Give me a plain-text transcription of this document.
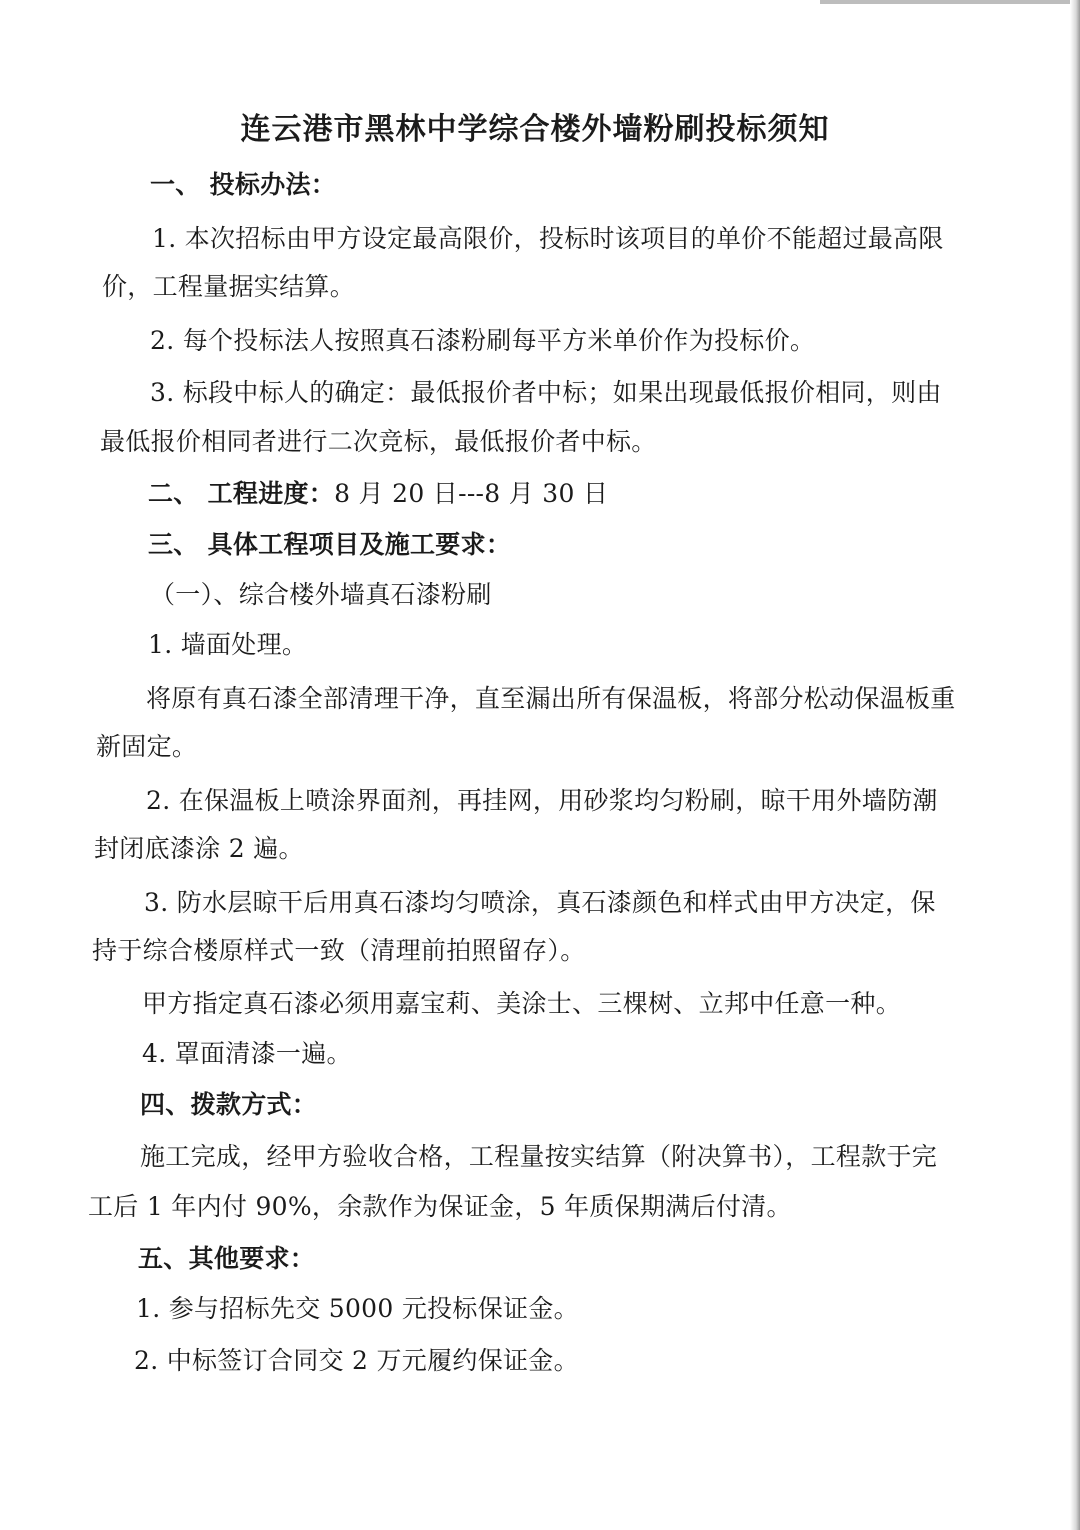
连云港市黑林中学综合楼外墙粉刷投标须知
一、 投标办法：
1. 本次招标由甲方设定最高限价，投标时该项目的单价不能超过最高限
价，工程量据实结算。
2. 每个投标法人按照真石漆粉刷每平方米单价作为投标价。
3. 标段中标人的确定：最低报价者中标；如果出现最低报价相同，则由
最低报价相同者进行二次竞标，最低报价者中标。
二、 工程进度：8 月 20 日---8 月 30 日
三、 具体工程项目及施工要求：
（一）、综合楼外墙真石漆粉刷
1. 墙面处理。
将原有真石漆全部清理干净，直至漏出所有保温板，将部分松动保温板重
新固定。
2. 在保温板上喷涂界面剂，再挂网，用砂浆均匀粉刷，晾干用外墙防潮
封闭底漆涂 2 遍。
3. 防水层晾干后用真石漆均匀喷涂，真石漆颜色和样式由甲方决定，保
持于综合楼原样式一致（清理前拍照留存）。
甲方指定真石漆必须用嘉宝莉、美涂士、三棵树、立邦中任意一种。
4. 罩面清漆一遍。
四、拨款方式：
施工完成，经甲方验收合格，工程量按实结算（附决算书），工程款于完
工后 1 年内付 90%，余款作为保证金，5 年质保期满后付清。
五、其他要求：
1. 参与招标先交 5000 元投标保证金。
2. 中标签订合同交 2 万元履约保证金。
